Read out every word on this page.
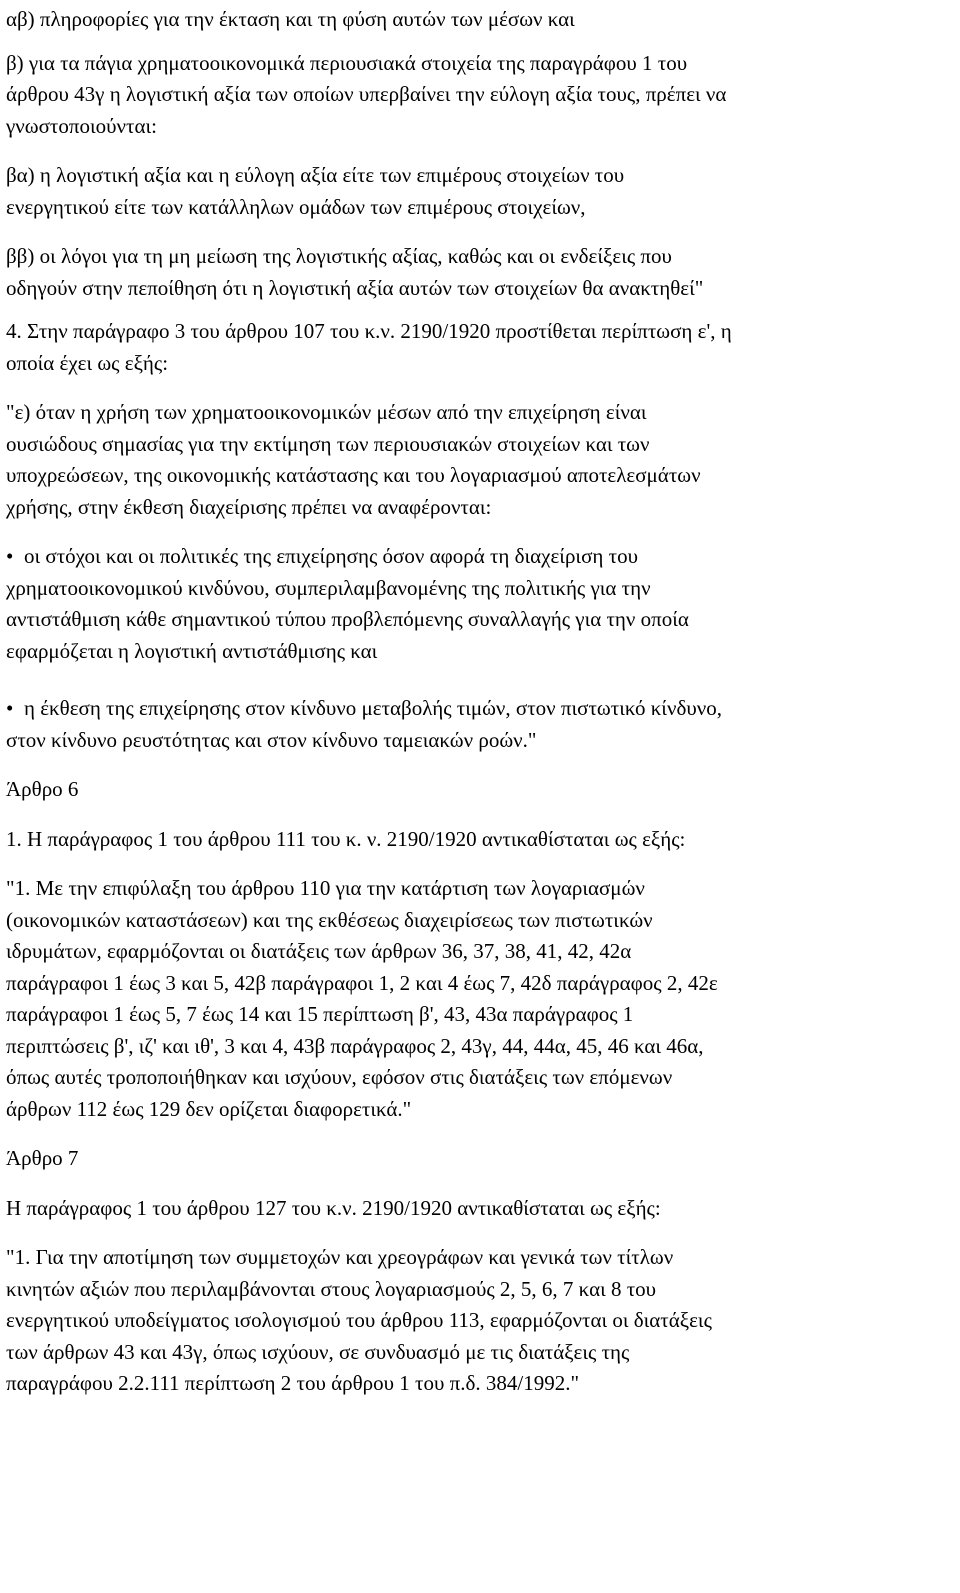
αβ) πληροφορίες για την έκταση και τη φύση αυτών των μέσων και

β) για τα πάγια χρηματοοικονομικά περιουσιακά στοιχεία της παραγράφου 1 του
άρθρου 43γ η λογιστική αξία των οποίων υπερβαίνει την εύλογη αξία τους, πρέπει να
γνωστοποιούνται:

βα) η λογιστική αξία και η εύλογη αξία είτε των επιμέρους στοιχείων του
ενεργητικού είτε των κατάλληλων ομάδων των επιμέρους στοιχείων,

ββ) οι λόγοι για τη μη μείωση της λογιστικής αξίας, καθώς και οι ενδείξεις που
οδηγούν στην πεποίθηση ότι η λογιστική αξία αυτών των στοιχείων θα ανακτηθεί"

4. Στην παράγραφο 3 του άρθρου 107 του κ.ν. 2190/1920 προστίθεται περίπτωση ε', η
οποία έχει ως εξής:

"ε) όταν η χρήση των χρηματοοικονομικών μέσων από την επιχείρηση είναι
ουσιώδους σημασίας για την εκτίμηση των περιουσιακών στοιχείων και των
υποχρεώσεων, της οικονομικής κατάστασης και του λογαριασμού αποτελεσμάτων
χρήσης, στην έκθεση διαχείρισης πρέπει να αναφέρονται:

• οι στόχοι και οι πολιτικές της επιχείρησης όσον αφορά τη διαχείριση του
χρηματοοικονομικού κινδύνου, συμπεριλαμβανομένης της πολιτικής για την
αντιστάθμιση κάθε σημαντικού τύπου προβλεπόμενης συναλλαγής για την οποία
εφαρμόζεται η λογιστική αντιστάθμισης και

• η έκθεση της επιχείρησης στον κίνδυνο μεταβολής τιμών, στον πιστωτικό κίνδυνο,
στον κίνδυνο ρευστότητας και στον κίνδυνο ταμειακών ροών."

Άρθρο 6

1. Η παράγραφος 1 του άρθρου 111 του κ. ν. 2190/1920 αντικαθίσταται ως εξής:

"1. Με την επιφύλαξη του άρθρου 110 για την κατάρτιση των λογαριασμών
(οικονομικών καταστάσεων) και της εκθέσεως διαχειρίσεως των πιστωτικών
ιδρυμάτων, εφαρμόζονται οι διατάξεις των άρθρων 36, 37, 38, 41, 42, 42α
παράγραφοι 1 έως 3 και 5, 42β παράγραφοι 1, 2 και 4 έως 7, 42δ παράγραφος 2, 42ε
παράγραφοι 1 έως 5, 7 έως 14 και 15 περίπτωση β', 43, 43α παράγραφος 1
περιπτώσεις β', ιζ' και ιθ', 3 και 4, 43β παράγραφος 2, 43γ, 44, 44α, 45, 46 και 46α,
όπως αυτές τροποποιήθηκαν και ισχύουν, εφόσον στις διατάξεις των επόμενων
άρθρων 112 έως 129 δεν ορίζεται διαφορετικά."

Άρθρο 7

Η παράγραφος 1 του άρθρου 127 του κ.ν. 2190/1920 αντικαθίσταται ως εξής:

"1. Για την αποτίμηση των συμμετοχών και χρεογράφων και γενικά των τίτλων
κινητών αξιών που περιλαμβάνονται στους λογαριασμούς 2, 5, 6, 7 και 8 του
ενεργητικού υποδείγματος ισολογισμού του άρθρου 113, εφαρμόζονται οι διατάξεις
των άρθρων 43 και 43γ, όπως ισχύουν, σε συνδυασμό με τις διατάξεις της
παραγράφου 2.2.111 περίπτωση 2 του άρθρου 1 του π.δ. 384/1992."
